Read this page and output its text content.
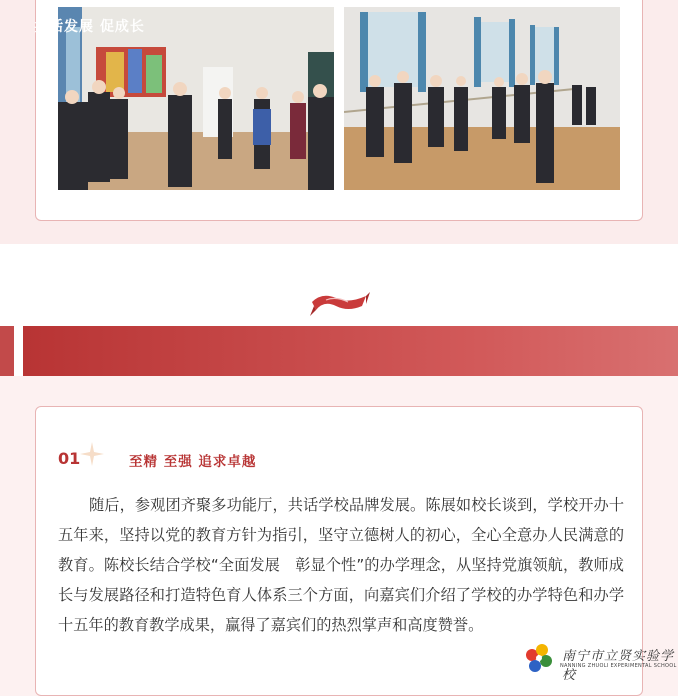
共话发展 促成长
01	至精 至强 追求卓越

随后，参观团齐聚多功能厅，共话学校品牌发展。陈展如校长谈到，学校开办十五年来，坚持以党的教育方针为指引，坚守立德树人的初心，全心全意办人民满意的教育。陈校长结合学校“全面发展　彰显个性”的办学理念，从坚持党旗领航，教师成长与发展路径和打造特色育人体系三个方面，向嘉宾们介绍了学校的办学特色和办学十五年的教育教学成果，赢得了嘉宾们的热烈掌声和高度赞誉。

南宁市立贤实验学校
NANNING ZHUOLI EXPERIMENTAL SCHOOL
